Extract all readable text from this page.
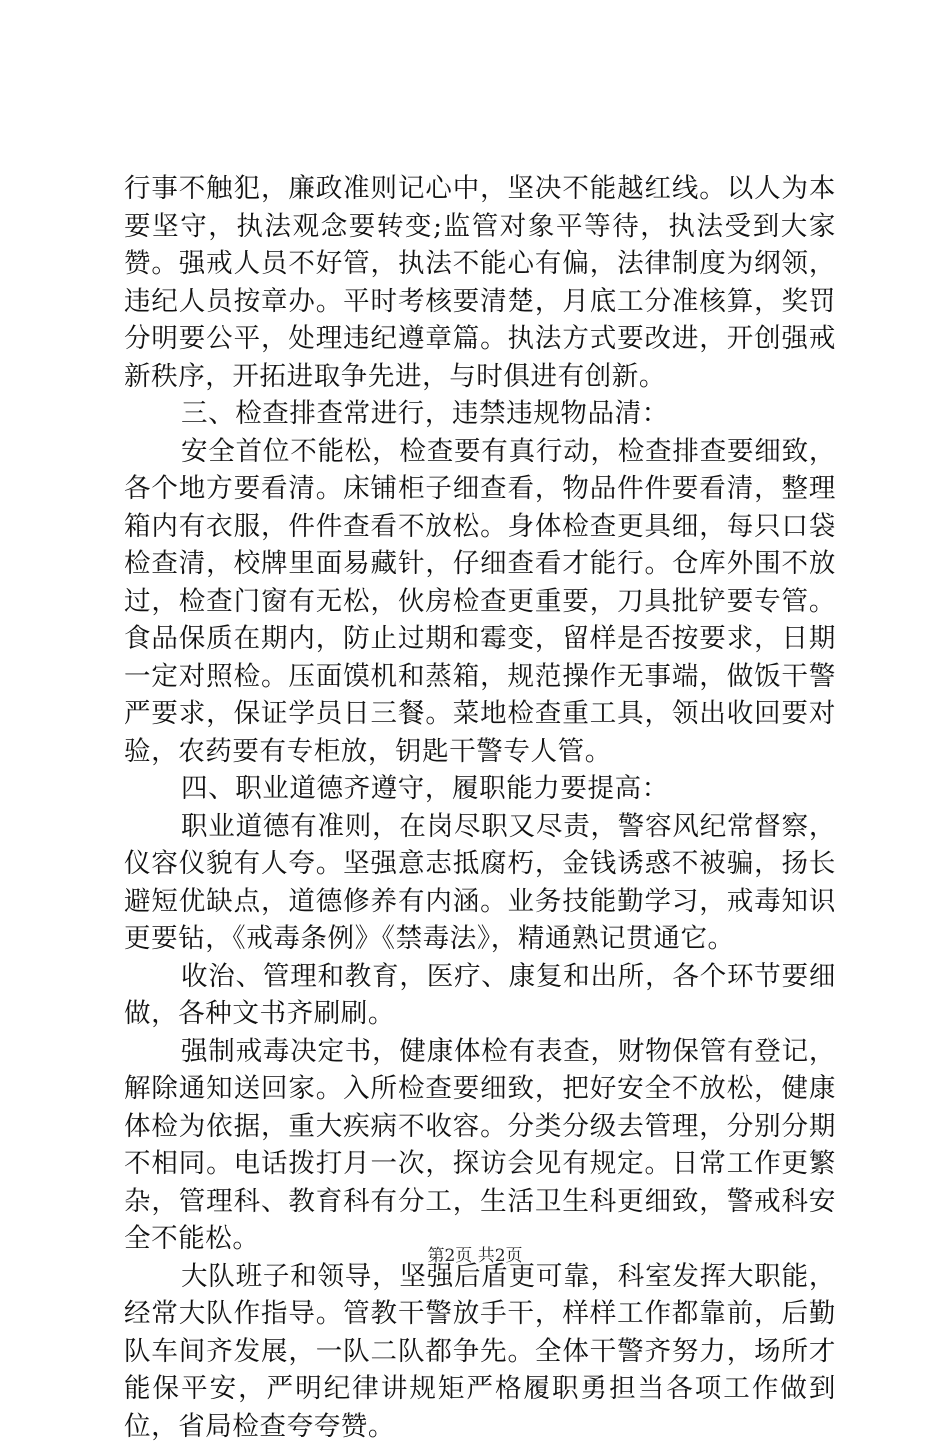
行事不触犯，廉政准则记心中，坚决不能越红线。以人为本要坚守，执法观念要转变;监管对象平等待，执法受到大家赞。强戒人员不好管，执法不能心有偏，法律制度为纲领，违纪人员按章办。平时考核要清楚，月底工分准核算，奖罚分明要公平，处理违纪遵章篇。执法方式要改进，开创强戒新秩序，开拓进取争先进，与时俱进有创新。

三、检查排查常进行，违禁违规物品清：

安全首位不能松，检查要有真行动，检查排查要细致，各个地方要看清。床铺柜子细查看，物品件件要看清，整理箱内有衣服，件件查看不放松。身体检查更具细，每只口袋检查清，校牌里面易藏针，仔细查看才能行。仓库外围不放过，检查门窗有无松，伙房检查更重要，刀具批铲要专管。食品保质在期内，防止过期和霉变，留样是否按要求，日期一定对照检。压面馍机和蒸箱，规范操作无事端，做饭干警严要求，保证学员日三餐。菜地检查重工具，领出收回要对验，农药要有专柜放，钥匙干警专人管。

四、职业道德齐遵守，履职能力要提高：

职业道德有准则，在岗尽职又尽责，警容风纪常督察，仪容仪貌有人夸。坚强意志抵腐朽，金钱诱惑不被骗，扬长避短优缺点，道德修养有内涵。业务技能勤学习，戒毒知识更要钻，《戒毒条例》《禁毒法》，精通熟记贯通它。

收治、管理和教育，医疗、康复和出所，各个环节要细做，各种文书齐刷刷。

强制戒毒决定书，健康体检有表查，财物保管有登记，解除通知送回家。入所检查要细致，把好安全不放松，健康体检为依据，重大疾病不收容。分类分级去管理，分别分期不相同。电话拨打月一次，探访会见有规定。日常工作更繁杂，管理科、教育科有分工，生活卫生科更细致，警戒科安全不能松。

大队班子和领导，坚强后盾更可靠，科室发挥大职能，经常大队作指导。管教干警放手干，样样工作都靠前，后勤队车间齐发展，一队二队都争先。全体干警齐努力，场所才能保平安，严明纪律讲规矩严格履职勇担当各项工作做到位，省局检查夸夸赞。

第2页 共2页
